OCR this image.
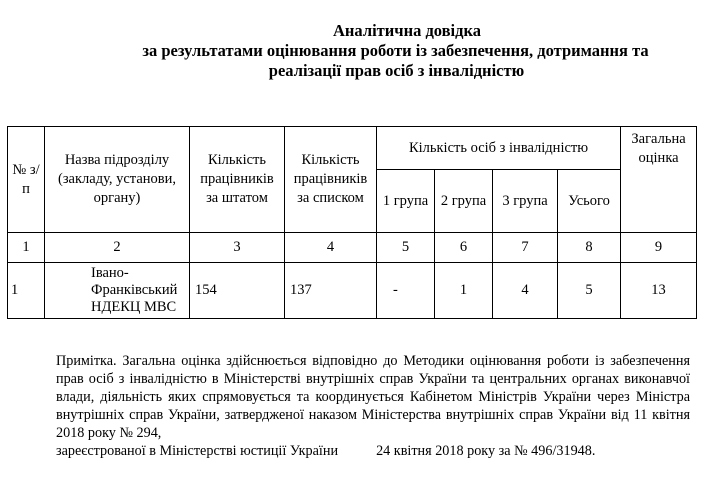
Аналітична довідка
за результатами оцінювання роботи із забезпечення, дотримання та
реалізації прав осіб з інвалідністю
№ з/п	Назва підрозділу (закладу, установи, органу)	Кількість працівників за штатом	Кількість працівників за списком	Кількість осіб з інвалідністю				Загальна оцінка
				1 група	2 група	3 група	Усього	
1	2	3	4	5	6	7	8	9
1	Івано-Франківський НДЕКЦ МВС	154	137	-	1	4	5	13
Примітка. Загальна оцінка здійснюється відповідно до Методики оцінювання роботи із забезпечення прав осіб з інвалідністю в Міністерстві внутрішніх справ України та центральних органах виконавчої влади, діяльність яких спрямовується та координується Кабінетом Міністрів України через Міністра внутрішніх справ України, затвердженої наказом Міністерства внутрішніх справ України від 11 квітня 2018 року № 294,
зареєстрованої в Міністерстві юстиції України	24 квітня 2018 року за № 496/31948.
